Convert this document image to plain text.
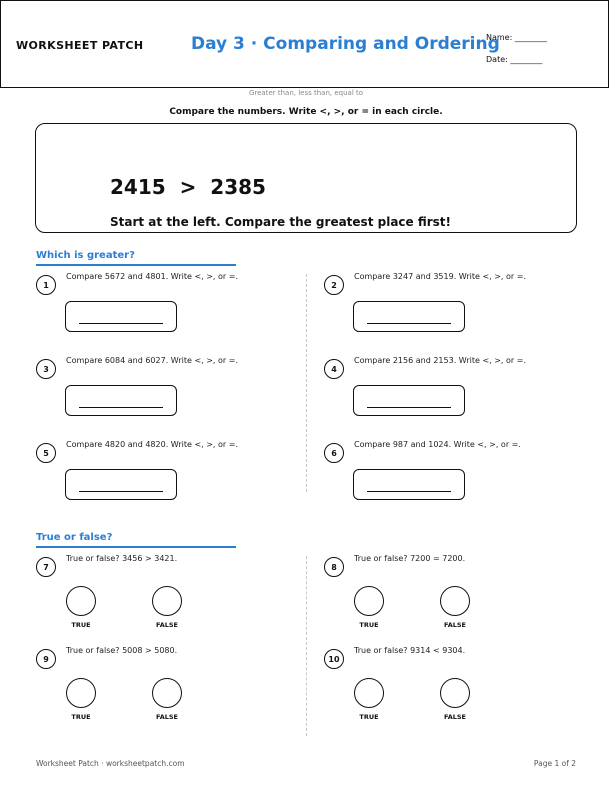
WORKSHEET PATCH	Day 3 · Comparing and Ordering
Name: ________
Date: ________
Greater than, less than, equal to
Compare the numbers. Write <, >, or = in each circle.
2415  >  2385
Start at the left. Compare the greatest place first!
Which is greater?
1
Compare 5672 and 4801. Write <, >, or =.
2
Compare 3247 and 3519. Write <, >, or =.
3
Compare 6084 and 6027. Write <, >, or =.
4
Compare 2156 and 2153. Write <, >, or =.
5
Compare 4820 and 4820. Write <, >, or =.
6
Compare 987 and 1024. Write <, >, or =.
True or false?
7
True or false? 3456 > 3421.
TRUE	FALSE
8
True or false? 7200 = 7200.
TRUE	FALSE
9
True or false? 5008 > 5080.
TRUE	FALSE
10
True or false? 9314 < 9304.
TRUE	FALSE
Worksheet Patch · worksheetpatch.com	Page 1 of 2
